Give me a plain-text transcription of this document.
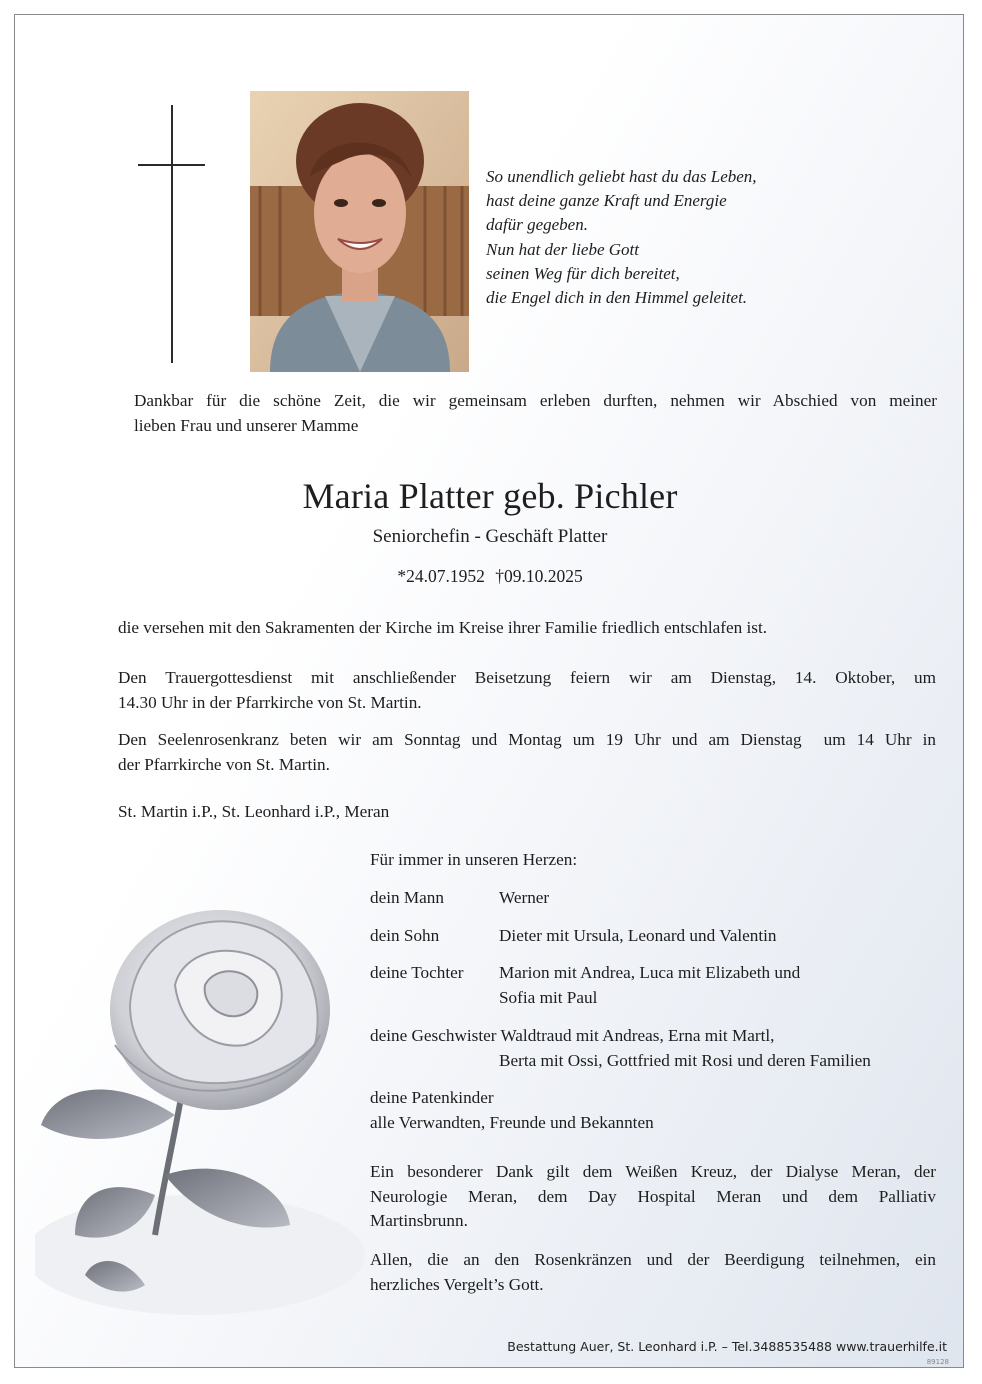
So unendlich geliebt hast du das Leben,
hast deine ganze Kraft und Energie
dafür gegeben.
Nun hat der liebe Gott
seinen Weg für dich bereitet,
die Engel dich in den Himmel geleitet.
Dankbar für die schöne Zeit, die wir gemeinsam erleben durften, nehmen wir Abschied von meiner
lieben Frau und unserer Mamme
Maria Platter geb. Pichler
Seniorchefin - Geschäft Platter
*24.07.1952 †09.10.2025
die versehen mit den Sakramenten der Kirche im Kreise ihrer Familie friedlich entschlafen ist.
Den Trauergottesdienst mit anschließender Beisetzung feiern wir am Dienstag, 14. Oktober, um
14.30 Uhr in der Pfarrkirche von St. Martin.
Den Seelenrosenkranz beten wir am Sonntag und Montag um 19 Uhr und am Dienstag  um 14 Uhr in
der Pfarrkirche von St. Martin.
St. Martin i.P., St. Leonhard i.P., Meran
Für immer in unseren Herzen:
dein Mann	Werner
dein Sohn	Dieter mit Ursula, Leonard und Valentin
deine Tochter Marion mit Andrea, Luca mit Elizabeth und
Sofia mit Paul
deine Geschwister Waldtraud mit Andreas, Erna mit Martl,
Berta mit Ossi, Gottfried mit Rosi und deren Familien
deine Patenkinder
alle Verwandten, Freunde und Bekannten
Ein besonderer Dank gilt dem Weißen Kreuz, der Dialyse Meran, der
Neurologie Meran, dem Day Hospital Meran und dem Palliativ
Martinsbrunn.
Allen, die an den Rosenkränzen und der Beerdigung teilnehmen, ein
herzliches Vergelt’s Gott.
Bestattung Auer, St. Leonhard i.P. – Tel.3488535488 www.trauerhilfe.it
89128
